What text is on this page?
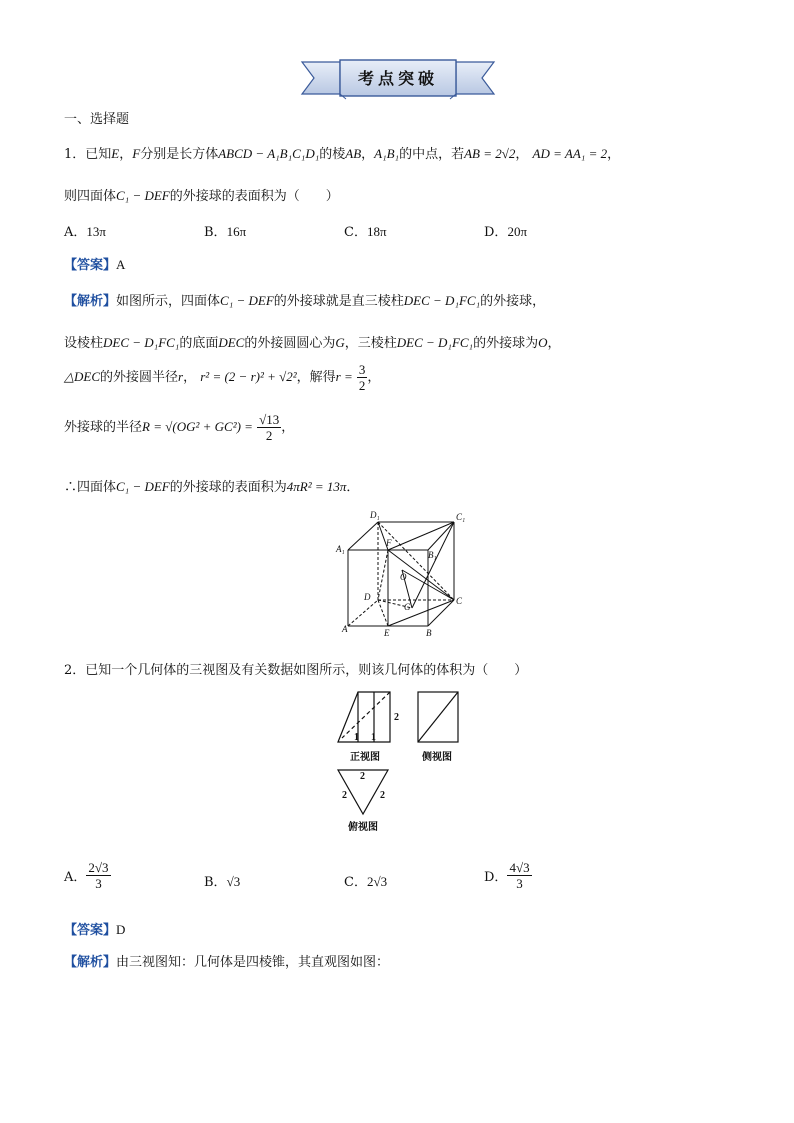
考点突破
一、选择题
1．已知E，F分别是长方体ABCD − A₁B₁C₁D₁的棱AB，A₁B₁的中点，若AB = 2√2， AD = AA₁ = 2，
则四面体C₁ − DEF的外接球的表面积为（　　）
A．13π	B．16π	C．18π	D．20π
【答案】A
【解析】如图所示，四面体C₁ − DEF的外接球就是直三棱柱DEC − D₁FC₁的外接球，
设棱柱DEC − D₁FC₁的底面DEC的外接圆圆心为G，三棱柱DEC − D₁FC₁的外接球为O，
△DEC的外接圆半径r， r² = (2 − r)² + √2²，解得$r = \frac{3}{2}$ ，
外接球的半径$R = √(OG^2 + GC^2) = \frac{√13}{2}$ ，
∴四面体C₁ − DEF的外接球的表面积为4πR² = 13π．
D₁	C₁
A₁
F
B₁
O
D
G
C
A	E	B
2．已知一个几何体的三视图及有关数据如图所示，则该几何体的体积为（　　）
2
1 1
正视图	侧视图
2
2	2
俯视图
A． $\frac{2√3}{3}$	B．√3	C．2√3	D． $\frac{4√3}{3}$
【答案】D
【解析】由三视图知：几何体是四棱锥，其直观图如图：
